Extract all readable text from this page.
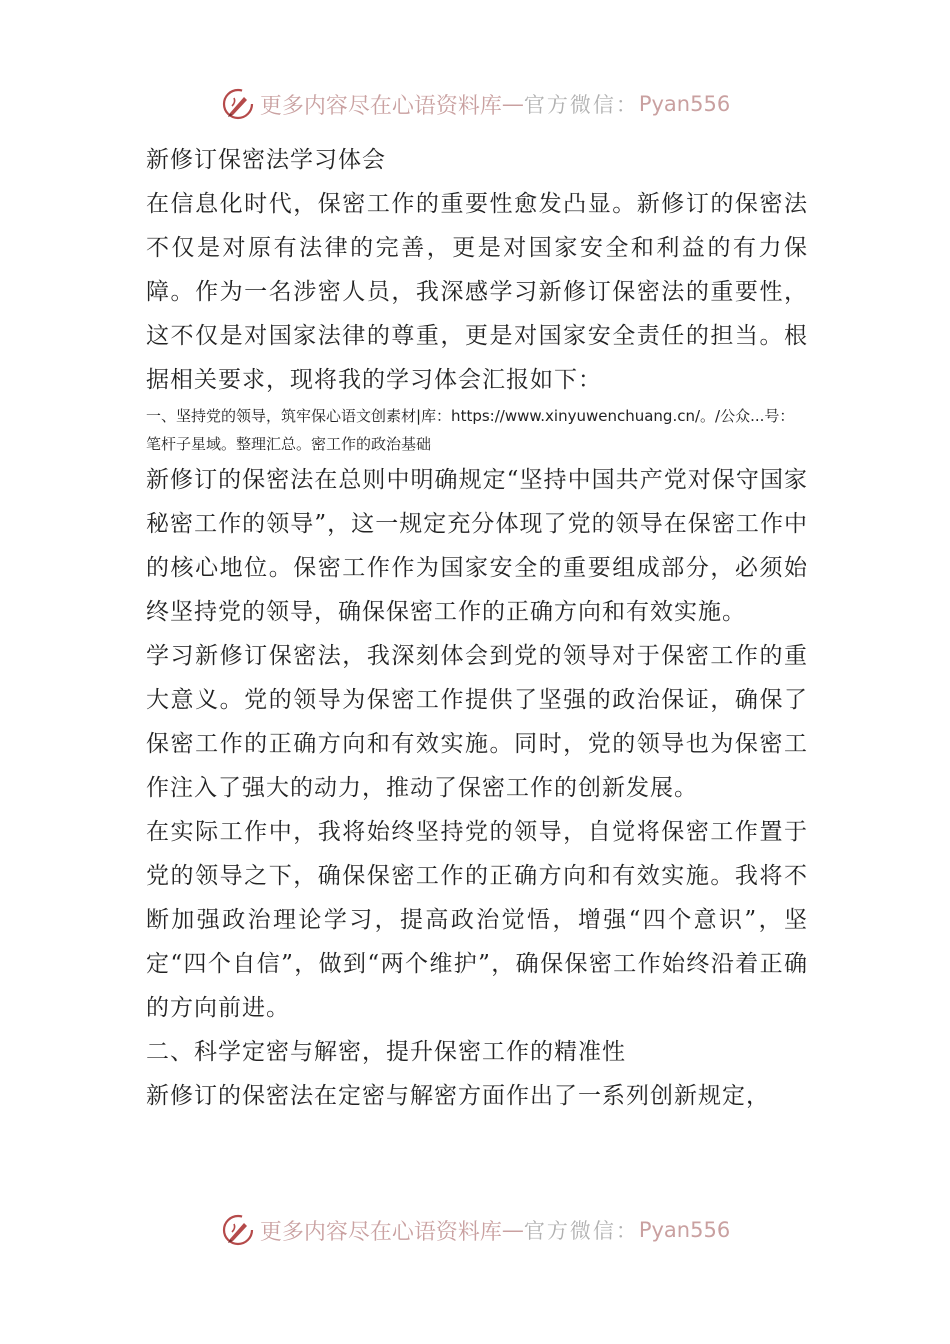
更多内容尽在心语资料库 — 官方微信： Pyan556

新修订保密法学习体会

在信息化时代，保密工作的重要性愈发凸显。新修订的保密法不仅是对原有法律的完善，更是对国家安全和利益的有力保障。作为一名涉密人员，我深感学习新修订保密法的重要性，这不仅是对国家法律的尊重，更是对国家安全责任的担当。根据相关要求，现将我的学习体会汇报如下：

一、坚持党的领导，筑牢保心语文创素材|库：https://www.xinyuwenchuang.cn/。/公众...号：笔杆子星域。整理汇总。密工作的政治基础

新修订的保密法在总则中明确规定“坚持中国共产党对保守国家秘密工作的领导”，这一规定充分体现了党的领导在保密工作中的核心地位。保密工作作为国家安全的重要组成部分，必须始终坚持党的领导，确保保密工作的正确方向和有效实施。

学习新修订保密法，我深刻体会到党的领导对于保密工作的重大意义。党的领导为保密工作提供了坚强的政治保证，确保了保密工作的正确方向和有效实施。同时，党的领导也为保密工作注入了强大的动力，推动了保密工作的创新发展。

在实际工作中，我将始终坚持党的领导，自觉将保密工作置于党的领导之下，确保保密工作的正确方向和有效实施。我将不断加强政治理论学习，提高政治觉悟，增强“四个意识”，坚定“四个自信”，做到“两个维护”，确保保密工作始终沿着正确的方向前进。

二、科学定密与解密，提升保密工作的精准性

新修订的保密法在定密与解密方面作出了一系列创新规定，

更多内容尽在心语资料库 — 官方微信： Pyan556
